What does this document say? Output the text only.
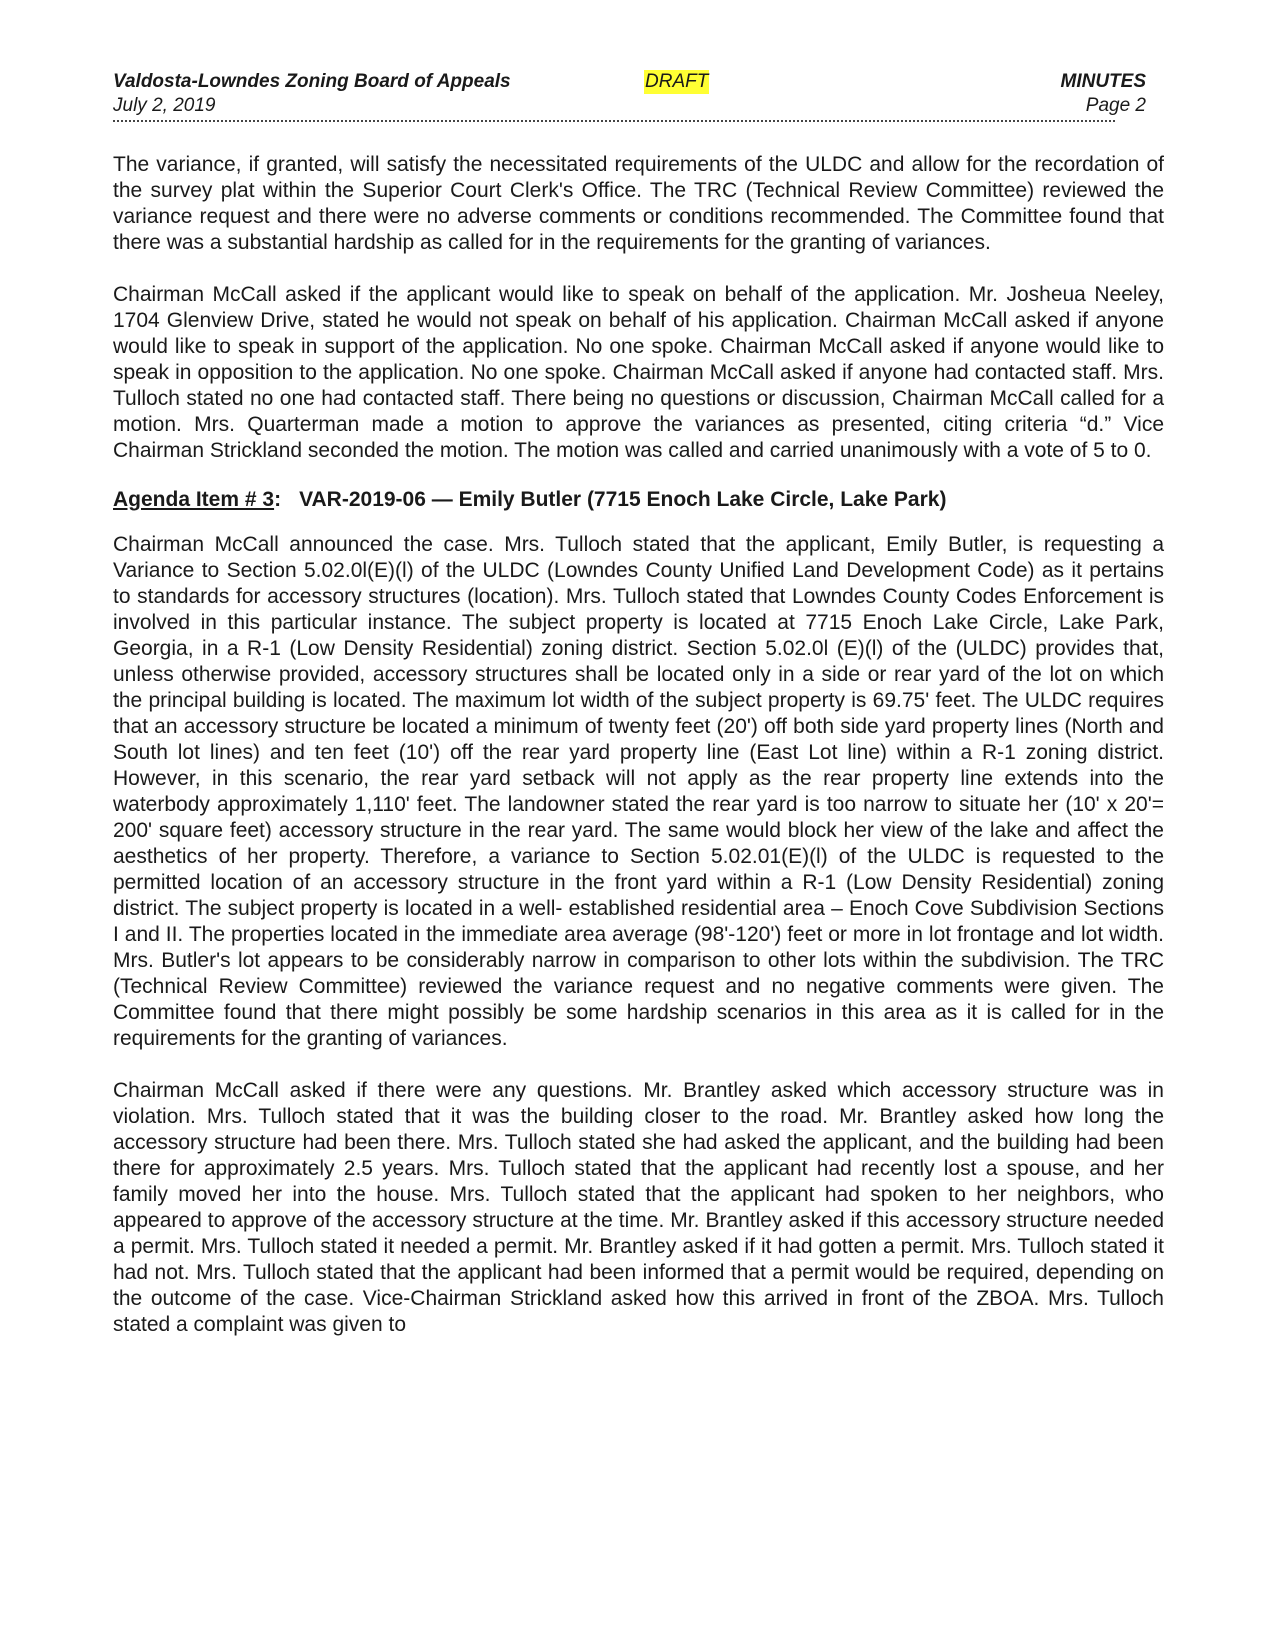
Valdosta-Lowndes Zoning Board of Appeals	DRAFT	MINUTES
July 2, 2019	Page 2

The variance, if granted, will satisfy the necessitated requirements of the ULDC and allow for the recordation of the survey plat within the Superior Court Clerk's Office. The TRC (Technical Review Committee) reviewed the variance request and there were no adverse comments or conditions recommended. The Committee found that there was a substantial hardship as called for in the requirements for the granting of variances.

Chairman McCall asked if the applicant would like to speak on behalf of the application. Mr. Josheua Neeley, 1704 Glenview Drive, stated he would not speak on behalf of his application. Chairman McCall asked if anyone would like to speak in support of the application. No one spoke. Chairman McCall asked if anyone would like to speak in opposition to the application. No one spoke. Chairman McCall asked if anyone had contacted staff. Mrs. Tulloch stated no one had contacted staff. There being no questions or discussion, Chairman McCall called for a motion. Mrs. Quarterman made a motion to approve the variances as presented, citing criteria “d.” Vice Chairman Strickland seconded the motion. The motion was called and carried unanimously with a vote of 5 to 0.

Agenda Item # 3: VAR-2019-06 — Emily Butler (7715 Enoch Lake Circle, Lake Park)

Chairman McCall announced the case. Mrs. Tulloch stated that the applicant, Emily Butler, is requesting a Variance to Section 5.02.0l(E)(l) of the ULDC (Lowndes County Unified Land Development Code) as it pertains to standards for accessory structures (location). Mrs. Tulloch stated that Lowndes County Codes Enforcement is involved in this particular instance. The subject property is located at 7715 Enoch Lake Circle, Lake Park, Georgia, in a R-1 (Low Density Residential) zoning district. Section 5.02.0l (E)(l) of the (ULDC) provides that, unless otherwise provided, accessory structures shall be located only in a side or rear yard of the lot on which the principal building is located. The maximum lot width of the subject property is 69.75' feet. The ULDC requires that an accessory structure be located a minimum of twenty feet (20') off both side yard property lines (North and South lot lines) and ten feet (10') off the rear yard property line (East Lot line) within a R-1 zoning district. However, in this scenario, the rear yard setback will not apply as the rear property line extends into the waterbody approximately 1,110' feet. The landowner stated the rear yard is too narrow to situate her (10' x 20'= 200' square feet) accessory structure in the rear yard. The same would block her view of the lake and affect the aesthetics of her property. Therefore, a variance to Section 5.02.01(E)(l) of the ULDC is requested to the permitted location of an accessory structure in the front yard within a R-1 (Low Density Residential) zoning district. The subject property is located in a well- established residential area – Enoch Cove Subdivision Sections I and II. The properties located in the immediate area average (98'-120') feet or more in lot frontage and lot width. Mrs. Butler's lot appears to be considerably narrow in comparison to other lots within the subdivision. The TRC (Technical Review Committee) reviewed the variance request and no negative comments were given. The Committee found that there might possibly be some hardship scenarios in this area as it is called for in the requirements for the granting of variances.

Chairman McCall asked if there were any questions. Mr. Brantley asked which accessory structure was in violation. Mrs. Tulloch stated that it was the building closer to the road. Mr. Brantley asked how long the accessory structure had been there. Mrs. Tulloch stated she had asked the applicant, and the building had been there for approximately 2.5 years. Mrs. Tulloch stated that the applicant had recently lost a spouse, and her family moved her into the house. Mrs. Tulloch stated that the applicant had spoken to her neighbors, who appeared to approve of the accessory structure at the time. Mr. Brantley asked if this accessory structure needed a permit. Mrs. Tulloch stated it needed a permit. Mr. Brantley asked if it had gotten a permit. Mrs. Tulloch stated it had not. Mrs. Tulloch stated that the applicant had been informed that a permit would be required, depending on the outcome of the case. Vice-Chairman Strickland asked how this arrived in front of the ZBOA. Mrs. Tulloch stated a complaint was given to
